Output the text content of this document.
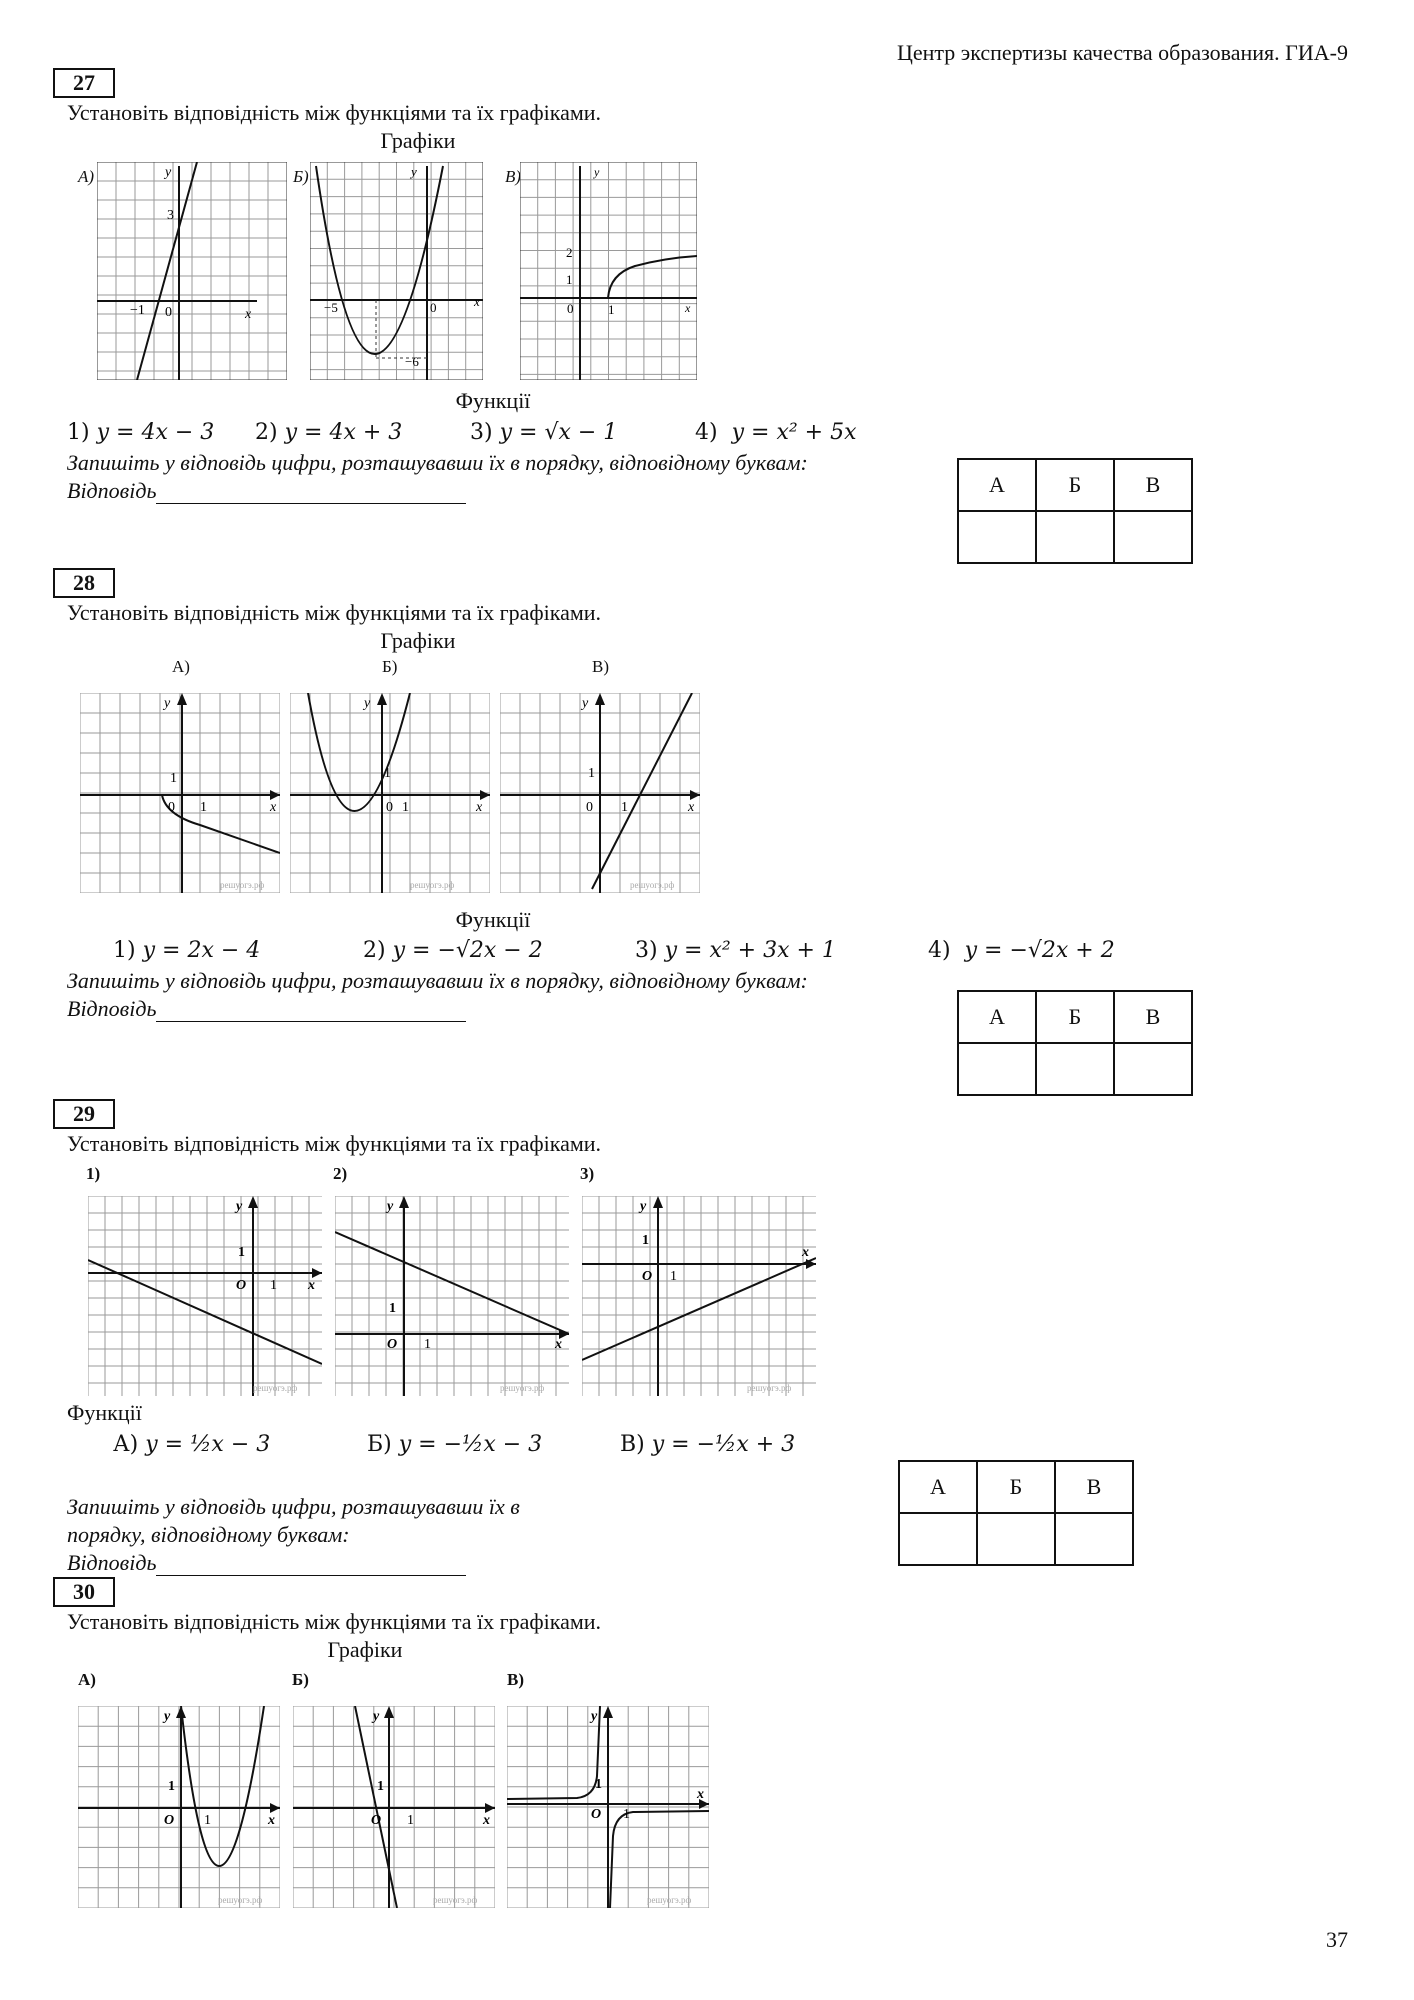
Центр экспертизы качества образования. ГИА-9
27
Установіть відповідність між функціями та їх графіками.
Графіки
A)	Б)	В)
x
y
3
−1 0
x
y
−5
−6
0	x
y
2
1
1
0
Функції
1) y = 4x − 3 2) y = 4x + 3	3) y = √x − 1	4) y = x² + 5x
Запишіть у відповідь цифри, розташувавши їх в порядку, відповідному буквам:
Відповідь	А	Б	В

28
Установіть відповідність між функціями та їх графіками.
Графіки
A)	Б)	В)
x
y
1
0 1
решуогэ.рф
x
y
1
0 1
решуогэ.рф
x
y
1
0 1
решуогэ.рф
Функції
1) y = 2x − 4	2) y = −√2x − 2	3) y = x² + 3x + 1	4) y = −√2x + 2
Запишіть у відповідь цифри, розташувавши їх в порядку, відповідному буквам:
Відповідь	А	Б	В

29
Установіть відповідність між функціями та їх графіками.
1)	2)	3)
x
y
1
O 1
решуогэ.рф
x
y
1
O 1
решуогэ.рф
x
y
1
O 1
решуогэ.рф
Функції
А) y = ½x − 3	Б) y = −½x − 3	В) y = −½x + 3
Запишіть у відповідь цифри, розташувавши їх в
порядку, відповідному буквам:
Відповідь
А	Б	В

30
Установіть відповідність між функціями та їх графіками.
Графіки
А)	Б)	В)
x
y
1
O 1
решуогэ.рф
x
y
1
O 1
решуогэ.рф
x
y
1
O 1
решуогэ.рф
37
